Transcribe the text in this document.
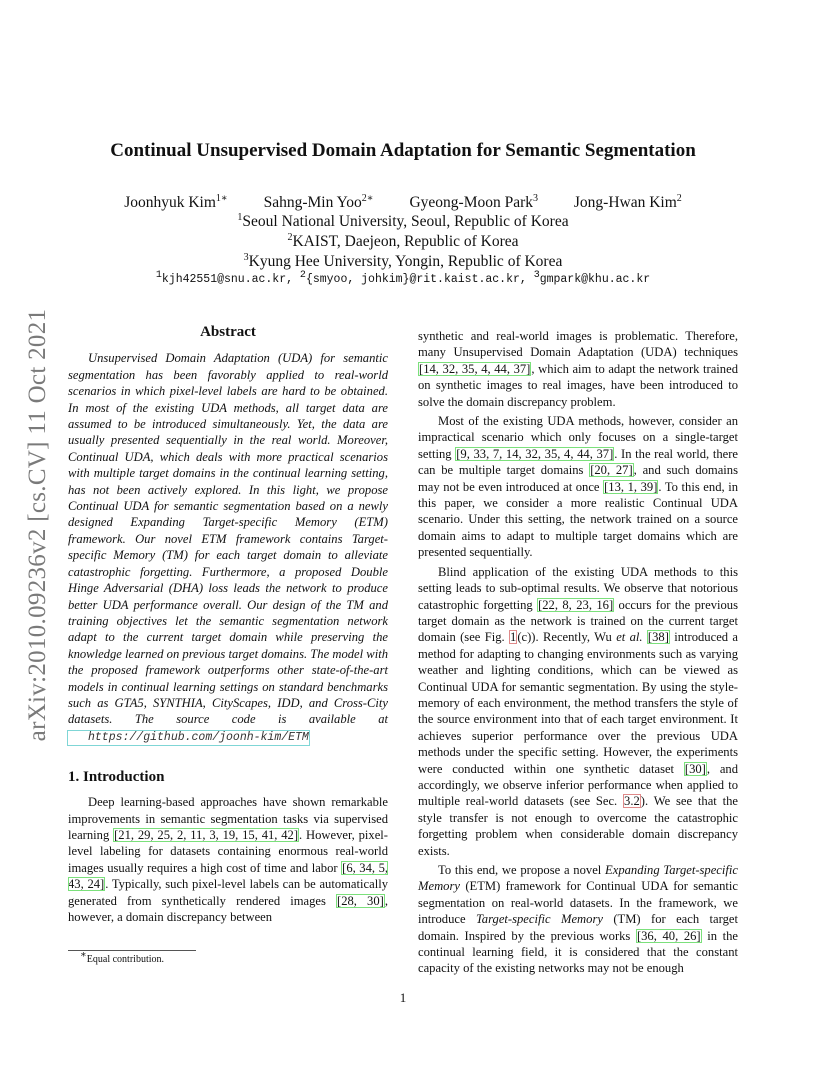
arXiv:2010.09236v2 [cs.CV] 11 Oct 2021
Continual Unsupervised Domain Adaptation for Semantic Segmentation
Joonhyuk Kim$^{1∗}$ Sahng-Min Yoo$^{2∗}$ Gyeong-Moon Park$^3$ Jong-Hwan Kim$^2$
$^1$Seoul National University, Seoul, Republic of Korea
$^2$KAIST, Daejeon, Republic of Korea
$^3$Kyung Hee University, Yongin, Republic of Korea
$^1$kjh42551@snu.ac.kr, $^2${smyoo, johkim}@rit.kaist.ac.kr, $^3$gmpark@khu.ac.kr
Abstract

Unsupervised Domain Adaptation (UDA) for semantic segmentation has been favorably applied to real-world scenarios in which pixel-level labels are hard to be obtained. In most of the existing UDA methods, all target data are assumed to be introduced simultaneously. Yet, the data are usually presented sequentially in the real world. Moreover, Continual UDA, which deals with more practical scenarios with multiple target domains in the continual learning setting, has not been actively explored. In this light, we propose Continual UDA for semantic segmentation based on a newly designed Expanding Target-specific Memory (ETM) framework. Our novel ETM framework contains Target-specific Memory (TM) for each target domain to alleviate catastrophic forgetting. Furthermore, a proposed Double Hinge Adversarial (DHA) loss leads the network to produce better UDA performance overall. Our design of the TM and training objectives let the semantic segmentation network adapt to the current target domain while preserving the knowledge learned on previous target domains. The model with the proposed framework outperforms other state-of-the-art models in continual learning settings on standard benchmarks such as GTA5, SYNTHIA, CityScapes, IDD, and Cross-City datasets. The source code is available at https://github.com/joonh-kim/ETM

1. Introduction

Deep learning-based approaches have shown remarkable improvements in semantic segmentation tasks via supervised learning [21, 29, 25, 2, 11, 3, 19, 15, 41, 42]. However, pixel-level labeling for datasets containing enormous real-world images usually requires a high cost of time and labor [6, 34, 5, 43, 24]. Typically, such pixel-level labels can be automatically generated from synthetically rendered images [28, 30], however, a domain discrepancy between

synthetic and real-world images is problematic. Therefore, many Unsupervised Domain Adaptation (UDA) techniques [14, 32, 35, 4, 44, 37], which aim to adapt the network trained on synthetic images to real images, have been introduced to solve the domain discrepancy problem.

Most of the existing UDA methods, however, consider an impractical scenario which only focuses on a single-target setting [9, 33, 7, 14, 32, 35, 4, 44, 37]. In the real world, there can be multiple target domains [20, 27], and such domains may not be even introduced at once [13, 1, 39]. To this end, in this paper, we consider a more realistic Continual UDA scenario. Under this setting, the network trained on a source domain aims to adapt to multiple target domains which are presented sequentially.

Blind application of the existing UDA methods to this setting leads to sub-optimal results. We observe that notorious catastrophic forgetting [22, 8, 23, 16] occurs for the previous target domain as the network is trained on the current target domain (see Fig. 1(c)). Recently, Wu et al. [38] introduced a method for adapting to changing environments such as varying weather and lighting conditions, which can be viewed as Continual UDA for semantic segmentation. By using the style-memory of each environment, the method transfers the style of the source environment into that of each target environment. It achieves superior performance over the previous UDA methods under the specific setting. However, the experiments were conducted within one synthetic dataset [30], and accordingly, we observe inferior performance when applied to multiple real-world datasets (see Sec. 3.2). We see that the style transfer is not enough to overcome the catastrophic forgetting problem when considerable domain discrepancy exists.

To this end, we propose a novel Expanding Target-specific Memory (ETM) framework for Continual UDA for semantic segmentation on real-world datasets. In the framework, we introduce Target-specific Memory (TM) for each target domain. Inspired by the previous works [36, 40, 26] in the continual learning field, it is considered that the constant capacity of the existing networks may not be enough

∗Equal contribution.
1
